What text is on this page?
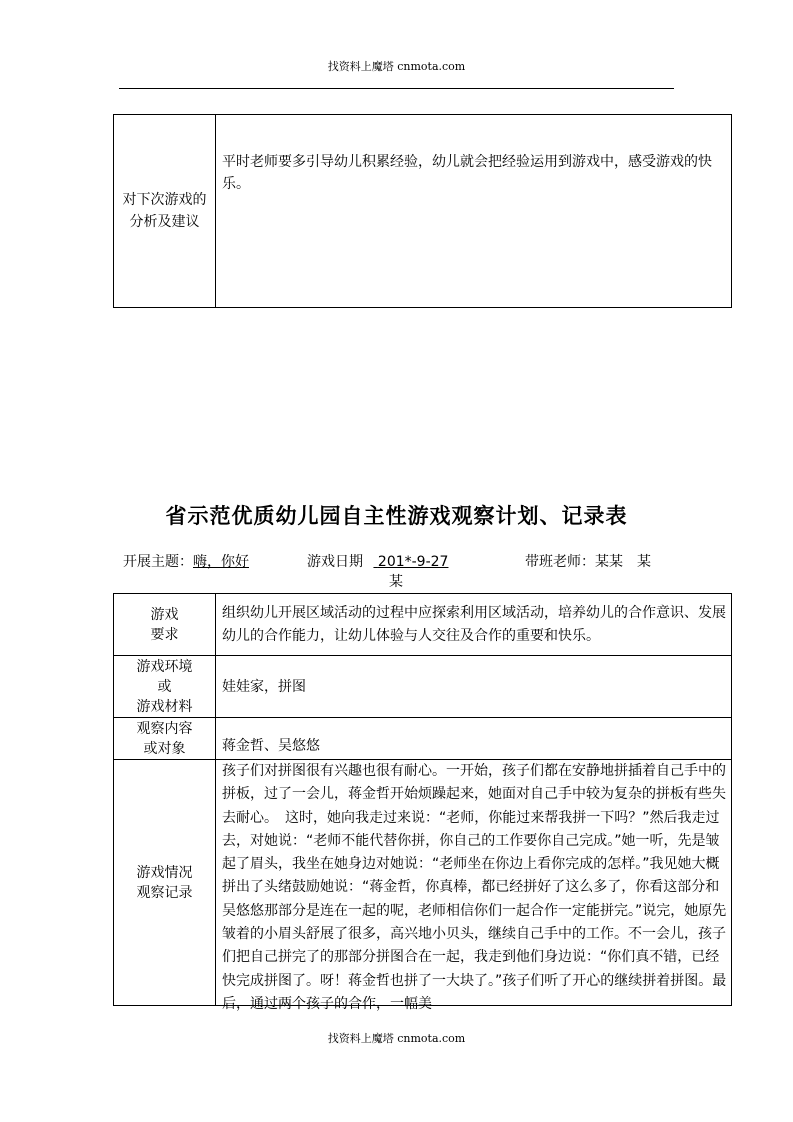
找资料上魔塔 cnmota.com
对下次游戏的分析及建议	平时老师要多引导幼儿积累经验，幼儿就会把经验运用到游戏中，感受游戏的快乐。
省示范优质幼儿园自主性游戏观察计划、记录表
开展主题：嗨，你好	游戏日期 201*-9-27	带班老师：某某　某
某
游戏
要求	组织幼儿开展区域活动的过程中应探索利用区域活动，培养幼儿的合作意识、发展幼儿的合作能力，让幼儿体验与人交往及合作的重要和快乐。
游戏环境
或
游戏材料	娃娃家，拼图
观察内容
或对象	蒋金哲、吴悠悠
游戏情况
观察记录	孩子们对拼图很有兴趣也很有耐心。一开始，孩子们都在安静地拼插着自己手中的拼板，过了一会儿，蒋金哲开始烦躁起来，她面对自己手中较为复杂的拼板有些失去耐心。　这时，她向我走过来说：“老师，你能过来帮我拼一下吗？”然后我走过去，对她说：“老师不能代替你拼，你自己的工作要你自己完成。”她一听，先是皱起了眉头，我坐在她身边对她说：“老师坐在你边上看你完成的怎样。”我见她大概拼出了头绪鼓励她说：“蒋金哲，你真棒，都已经拼好了这么多了，你看这部分和吴悠悠那部分是连在一起的呢，老师相信你们一起合作一定能拼完。”说完，她原先皱着的小眉头舒展了很多，高兴地小贝头，继续自己手中的工作。不一会儿，孩子们把自己拼完了的那部分拼图合在一起，我走到他们身边说：“你们真不错，已经快完成拼图了。呀！蒋金哲也拼了一大块了。”孩子们听了开心的继续拼着拼图。最后，通过两个孩子的合作，一幅美
找资料上魔塔 cnmota.com
